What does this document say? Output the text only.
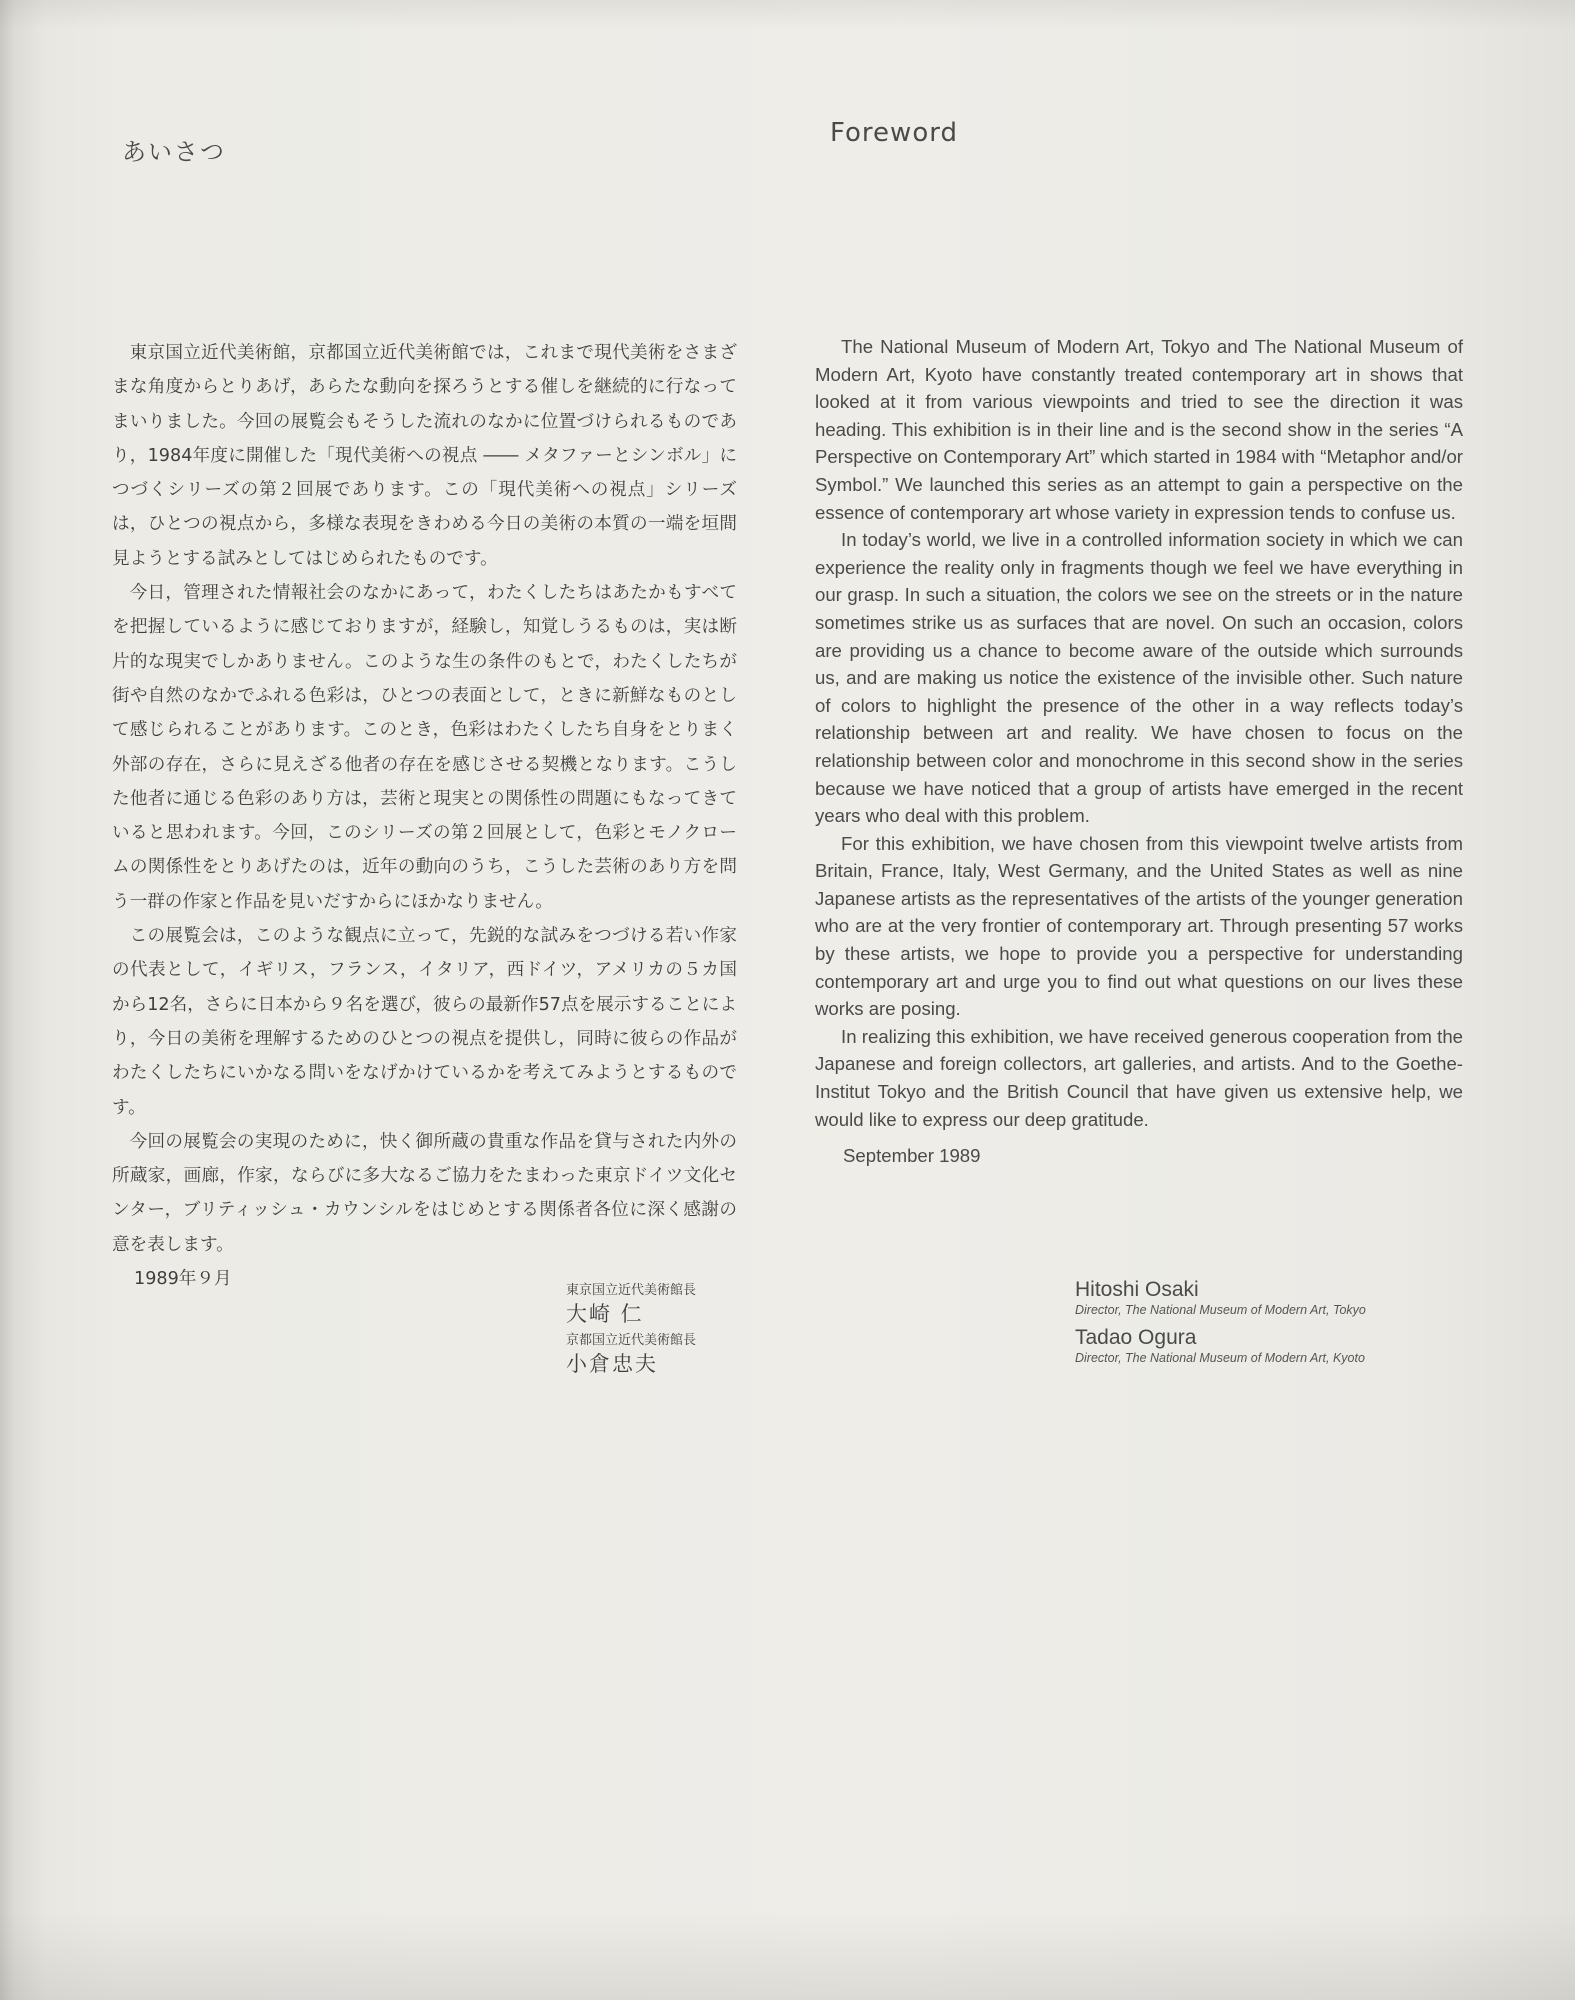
あいさつ
Foreword

東京国立近代美術館，京都国立近代美術館では，これまで現代美術をさまざまな角度からとりあげ，あらたな動向を探ろうとする催しを継続的に行なってまいりました。今回の展覧会もそうした流れのなかに位置づけられるものであり，1984年度に開催した「現代美術への視点 ―― メタファーとシンボル」につづくシリーズの第２回展であります。この「現代美術への視点」シリーズは，ひとつの視点から，多様な表現をきわめる今日の美術の本質の一端を垣間見ようとする試みとしてはじめられたものです。

今日，管理された情報社会のなかにあって，わたくしたちはあたかもすべてを把握しているように感じておりますが，経験し，知覚しうるものは，実は断片的な現実でしかありません。このような生の条件のもとで，わたくしたちが街や自然のなかでふれる色彩は，ひとつの表面として，ときに新鮮なものとして感じられることがあります。このとき，色彩はわたくしたち自身をとりまく外部の存在，さらに見えざる他者の存在を感じさせる契機となります。こうした他者に通じる色彩のあり方は，芸術と現実との関係性の問題にもなってきていると思われます。今回，このシリーズの第２回展として，色彩とモノクロームの関係性をとりあげたのは，近年の動向のうち，こうした芸術のあり方を問う一群の作家と作品を見いだすからにほかなりません。

この展覧会は，このような観点に立って，先鋭的な試みをつづける若い作家の代表として，イギリス，フランス，イタリア，西ドイツ，アメリカの５カ国から12名，さらに日本から９名を選び，彼らの最新作57点を展示することにより，今日の美術を理解するためのひとつの視点を提供し，同時に彼らの作品がわたくしたちにいかなる問いをなげかけているかを考えてみようとするものです。

今回の展覧会の実現のために，快く御所蔵の貴重な作品を貸与された内外の所蔵家，画廊，作家，ならびに多大なるご協力をたまわった東京ドイツ文化センター，ブリティッシュ・カウンシルをはじめとする関係者各位に深く感謝の意を表します。

1989年９月
東京国立近代美術館長
大崎 仁
京都国立近代美術館長
小倉忠夫

The National Museum of Modern Art, Tokyo and The National Museum of Modern Art, Kyoto have constantly treated contemporary art in shows that looked at it from various viewpoints and tried to see the direction it was heading. This exhibition is in their line and is the second show in the series “A Perspective on Contemporary Art” which started in 1984 with “Metaphor and/or Symbol.” We launched this series as an attempt to gain a perspective on the essence of contemporary art whose variety in expression tends to confuse us.

In today’s world, we live in a controlled information society in which we can experience the reality only in fragments though we feel we have everything in our grasp. In such a situation, the colors we see on the streets or in the nature sometimes strike us as surfaces that are novel. On such an occasion, colors are providing us a chance to become aware of the outside which surrounds us, and are making us notice the existence of the invisible other. Such nature of colors to highlight the presence of the other in a way reflects today’s relationship between art and reality. We have chosen to focus on the relationship between color and monochrome in this second show in the series because we have noticed that a group of artists have emerged in the recent years who deal with this problem.

For this exhibition, we have chosen from this viewpoint twelve artists from Britain, France, Italy, West Germany, and the United States as well as nine Japanese artists as the representatives of the artists of the younger generation who are at the very frontier of contemporary art. Through presenting 57 works by these artists, we hope to provide you a perspective for understanding contemporary art and urge you to find out what questions on our lives these works are posing.

In realizing this exhibition, we have received generous cooperation from the Japanese and foreign collectors, art galleries, and artists. And to the Goethe-Institut Tokyo and the British Council that have given us extensive help, we would like to express our deep gratitude.

September 1989
Hitoshi Osaki
Director, The National Museum of Modern Art, Tokyo
Tadao Ogura
Director, The National Museum of Modern Art, Kyoto
